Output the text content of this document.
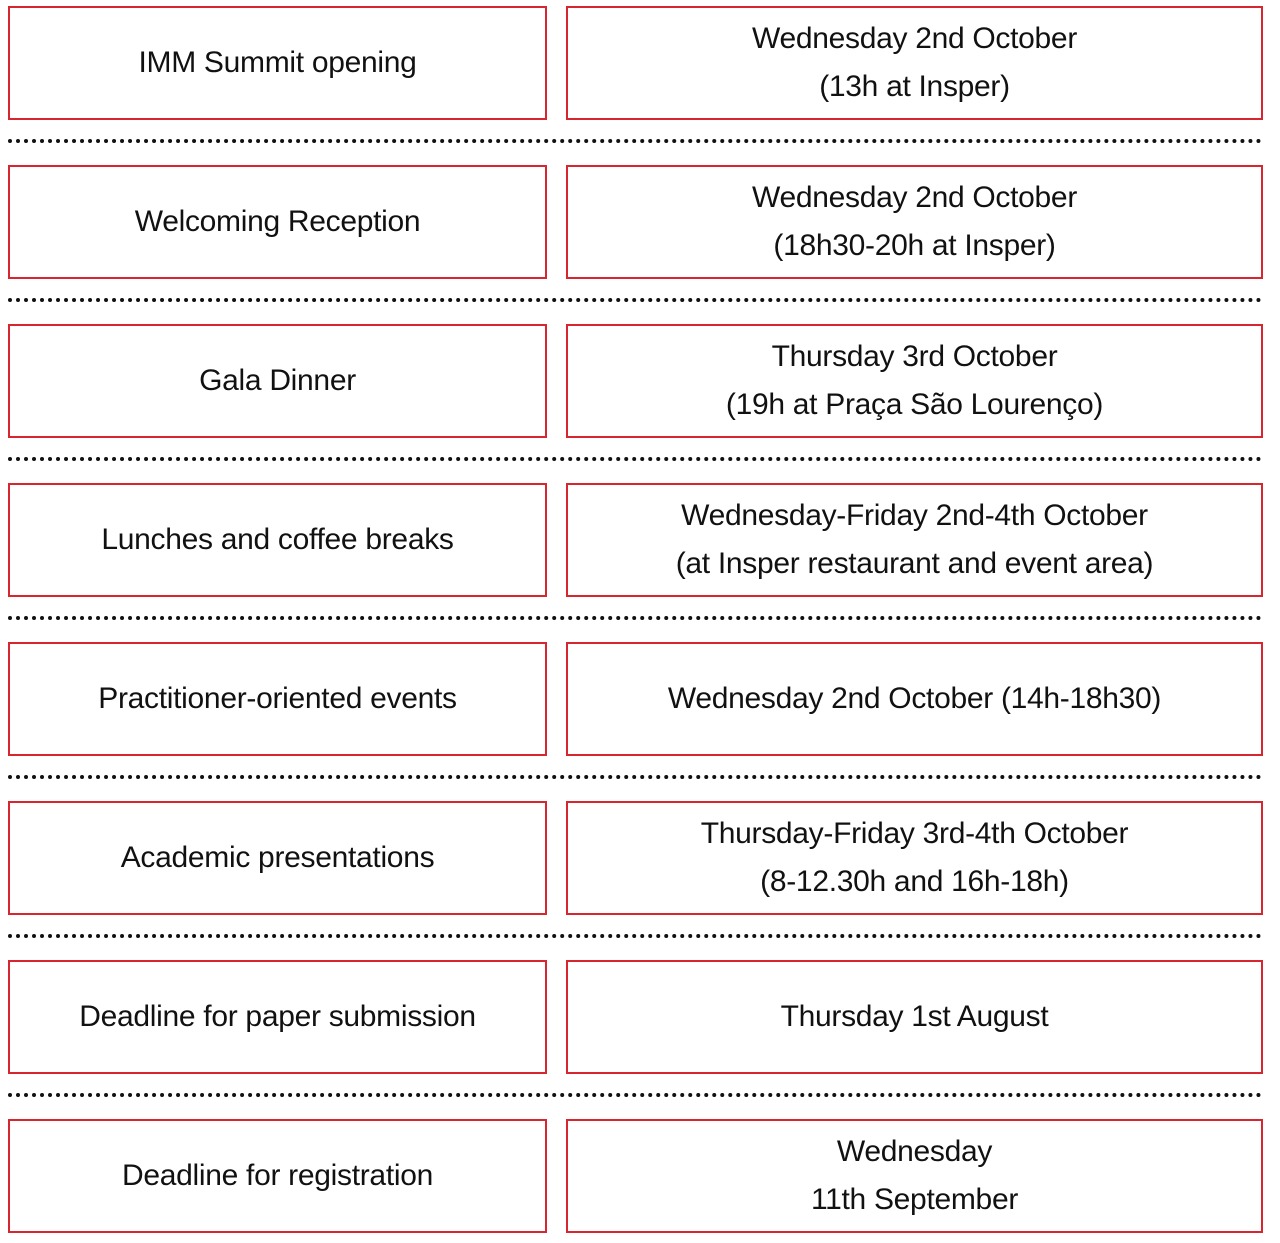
IMM Summit opening
Wednesday 2nd October
(13h at Insper)
Welcoming Reception
Wednesday 2nd October
(18h30-20h at Insper)
Gala Dinner
Thursday 3rd October
(19h at Praça São Lourenço)
Lunches and coffee breaks
Wednesday-Friday 2nd-4th October
(at Insper restaurant and event area)
Practitioner-oriented events	Wednesday 2nd October (14h-18h30)
Academic presentations
Thursday-Friday 3rd-4th October
(8-12.30h and 16h-18h)
Deadline for paper submission	Thursday 1st August
Deadline for registration
Wednesday
11th September
